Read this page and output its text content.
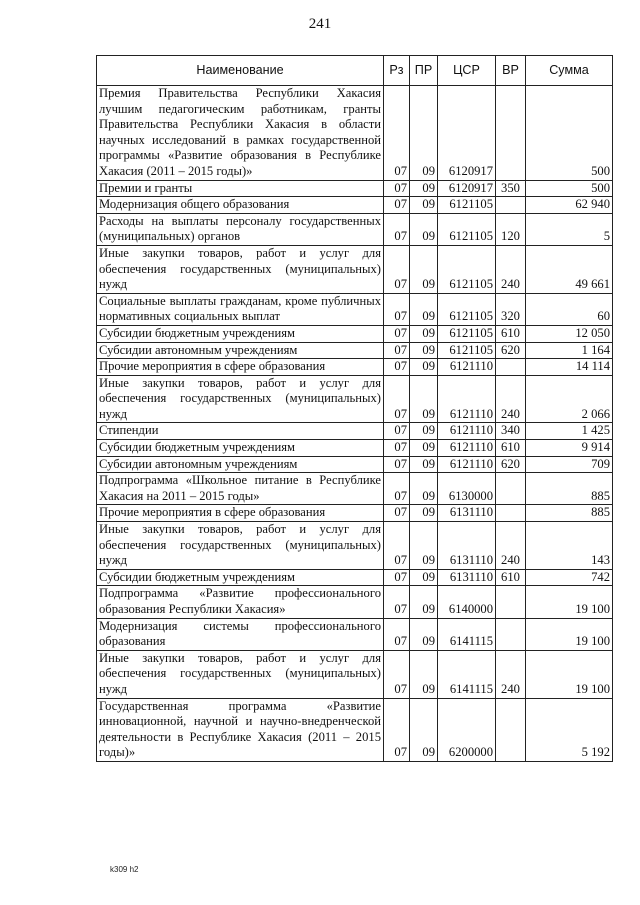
241
Наименование	Рз	ПР	ЦСР	ВР	Сумма
Премия Правительства Республики Хакасия лучшим педагогическим работникам, гранты Правительства Республики Хакасия в области научных исследований в рамках государственной программы «Развитие образования в Республике Хакасия (2011 – 2015 годы)»	07	09	6120917		500
Премии и гранты	07	09	6120917	350	500
Модернизация общего образования	07	09	6121105		62 940
Расходы на выплаты персоналу государственных (муниципальных) органов	07	09	6121105	120	5
Иные закупки товаров, работ и услуг для обеспечения государственных (муниципальных) нужд	07	09	6121105	240	49 661
Социальные выплаты гражданам, кроме публичных нормативных социальных выплат	07	09	6121105	320	60
Субсидии бюджетным учреждениям	07	09	6121105	610	12 050
Субсидии автономным учреждениям	07	09	6121105	620	1 164
Прочие мероприятия в сфере образования	07	09	6121110		14 114
Иные закупки товаров, работ и услуг для обеспечения государственных (муниципальных) нужд	07	09	6121110	240	2 066
Стипендии	07	09	6121110	340	1 425
Субсидии бюджетным учреждениям	07	09	6121110	610	9 914
Субсидии автономным учреждениям	07	09	6121110	620	709
Подпрограмма «Школьное питание в Республике Хакасия на 2011 – 2015 годы»	07	09	6130000		885
Прочие мероприятия в сфере образования	07	09	6131110		885
Иные закупки товаров, работ и услуг для обеспечения государственных (муниципальных) нужд	07	09	6131110	240	143
Субсидии бюджетным учреждениям	07	09	6131110	610	742
Подпрограмма «Развитие профессионального образования Республики Хакасия»	07	09	6140000		19 100
Модернизация системы профессионального образования	07	09	6141115		19 100
Иные закупки товаров, работ и услуг для обеспечения государственных (муниципальных) нужд	07	09	6141115	240	19 100
Государственная программа «Развитие инновационной, научной и научно-внедренческой деятельности в Республике Хакасия (2011 – 2015 годы)»	07	09	6200000		5 192
k309 h2
